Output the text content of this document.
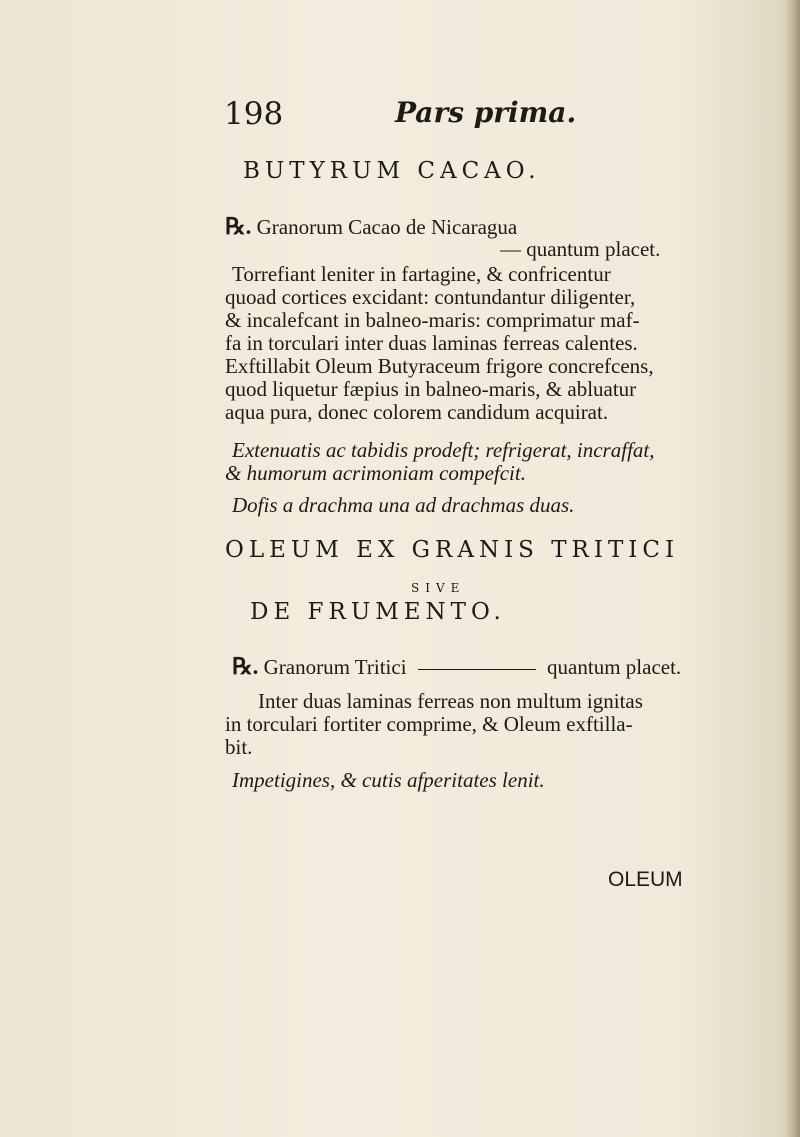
198	Pars prima.
BUTYRUM CACAO.
℞. Granorum Cacao de Nicaragua
— quantum placet.
Torrefiant leniter in fartagine, & confricentur
quoad cortices excidant: contundantur diligenter,
& incalefcant in balneo-maris: comprimatur maf-
fa in torculari inter duas laminas ferreas calentes.
Exftillabit Oleum Butyraceum frigore concrefcens,
quod liquetur fæpius in balneo-maris, & abluatur
aqua pura, donec colorem candidum acquirat.
Extenuatis ac tabidis prodeft; refrigerat, incraffat,
& humorum acrimoniam compefcit.
Dofis a drachma una ad drachmas duas.
OLEUM EX GRANIS TRITICI
SIVE
DE FRUMENTO.
℞. Granorum Tritici	quantum placet.
Inter duas laminas ferreas non multum ignitas
in torculari fortiter comprime, & Oleum exftilla-
bit.
Impetigines, & cutis afperitates lenit.
OLEUM
